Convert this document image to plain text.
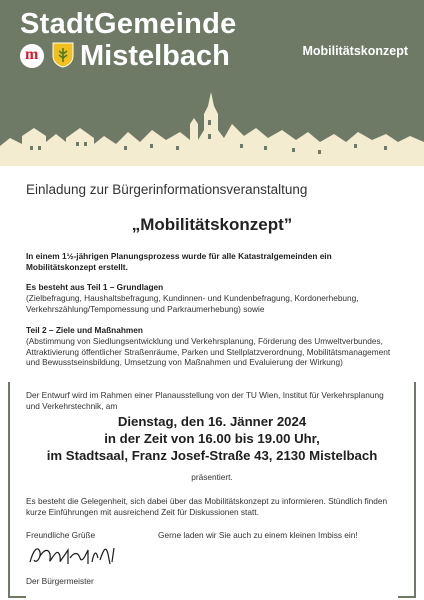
StadtGemeinde
m Mistelbach	Mobilitätskonzept
Einladung zur Bürgerinformationsveranstaltung
„Mobilitätskonzept”
In einem 1½-jährigen Planungsprozess wurde für alle Katastralgemeinden ein Mobilitätskonzept erstellt.
Es besteht aus Teil 1 – Grundlagen
(Zielbefragung, Haushaltsbefragung, Kundinnen- und Kundenbefragung, Kordonerhebung, Verkehrszählung/Tempomessung und Parkraumerhebung) sowie
Teil 2 – Ziele und Maßnahmen
(Abstimmung von Siedlungsentwicklung und Verkehrsplanung, Förderung des Umweltverbundes, Attraktivierung öffentlicher Straßenräume, Parken und Stellplatzverordnung, Mobilitätsmanagement und Bewusstseinsbildung, Umsetzung von Maßnahmen und Evaluierung der Wirkung)
Der Entwurf wird im Rahmen einer Planausstellung von der TU Wien, Institut für Verkehrsplanung und Verkehrstechnik, am
Dienstag, den 16. Jänner 2024
in der Zeit von 16.00 bis 19.00 Uhr,
im Stadtsaal, Franz Josef-Straße 43, 2130 Mistelbach
präsentiert.
Es besteht die Gelegenheit, sich dabei über das Mobilitätskonzept zu informieren. Stündlich finden kurze Einführungen mit ausreichend Zeit für Diskussionen statt.
Freundliche Grüße	Gerne laden wir Sie auch zu einem kleinen Imbiss ein!
Der Bürgermeister
